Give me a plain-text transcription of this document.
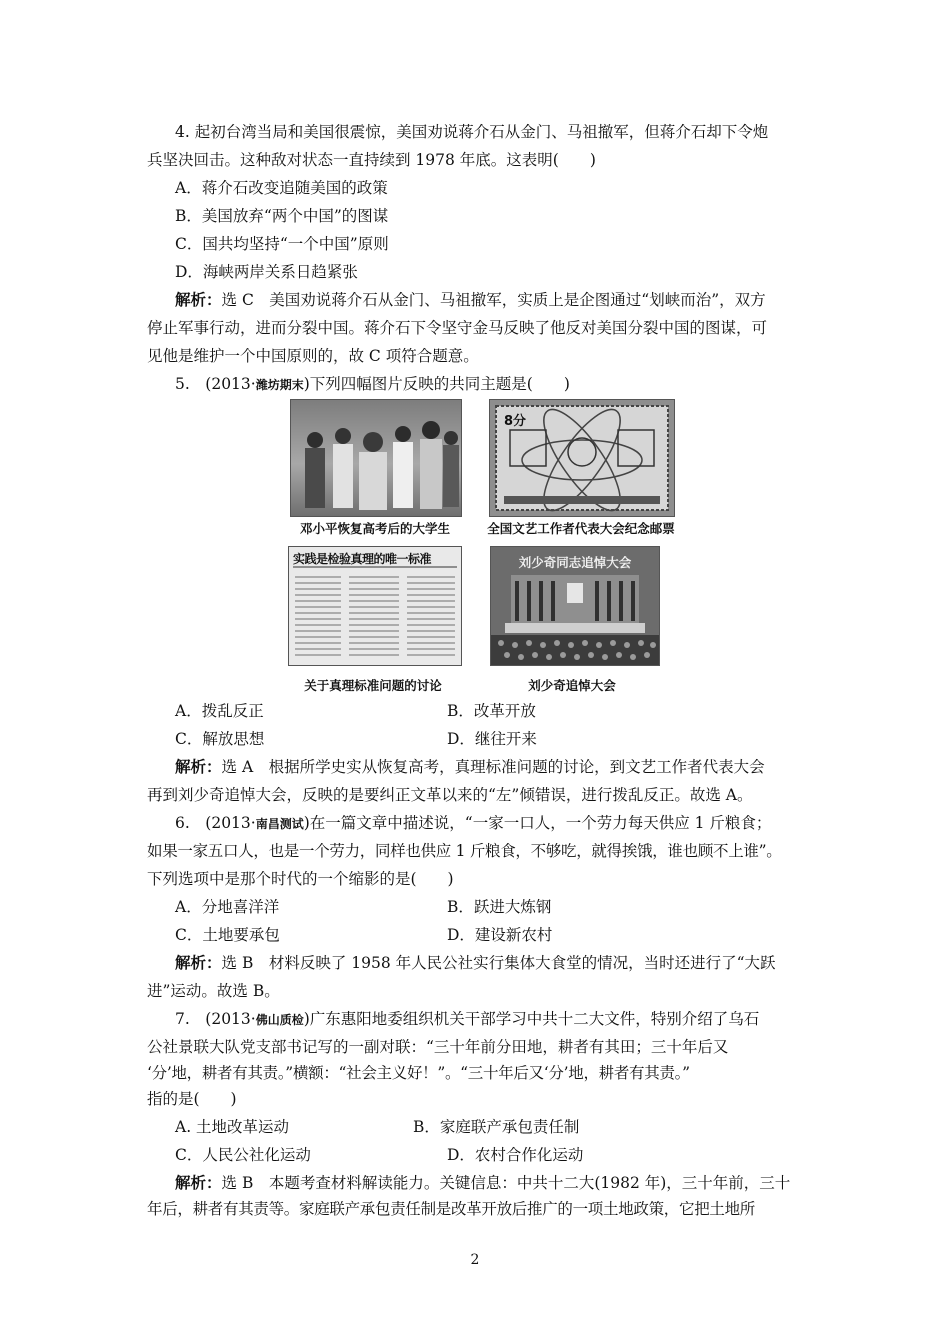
4. 起初台湾当局和美国很震惊，美国劝说蒋介石从金门、马祖撤军，但蒋介石却下令炮
兵坚决回击。这种敌对状态一直持续到 1978 年底。这表明(　　)
A．蒋介石改变追随美国的政策
B．美国放弃“两个中国”的图谋
C．国共均坚持“一个中国”原则
D．海峡两岸关系日趋紧张
解析：选 C　美国劝说蒋介石从金门、马祖撤军，实质上是企图通过“划峡而治”，双方
停止军事行动，进而分裂中国。蒋介石下令坚守金马反映了他反对美国分裂中国的图谋，可
见他是维护一个中国原则的，故 C 项符合题意。
5.　(2013·潍坊期末)下列四幅图片反映的共同主题是(　　)
8分
邓小平恢复高考后的大学生	全国文艺工作者代表大会纪念邮票
实践是检验真理的唯一标准	刘少奇同志追悼大会
关于真理标准问题的讨论	刘少奇追悼大会
A．拨乱反正	B．改革开放
C．解放思想	D．继往开来
解析：选 A　根据所学史实从恢复高考，真理标准问题的讨论，到文艺工作者代表大会
再到刘少奇追悼大会，反映的是要纠正文革以来的“左”倾错误，进行拨乱反正。故选 A。
6.　(2013·南昌测试)在一篇文章中描述说，“一家一口人，一个劳力每天供应 1 斤粮食；
如果一家五口人，也是一个劳力，同样也供应 1 斤粮食，不够吃，就得挨饿，谁也顾不上谁”。
下列选项中是那个时代的一个缩影的是(　　)
A．分地喜洋洋	B．跃进大炼钢
C．土地要承包	D．建设新农村
解析：选 B　材料反映了 1958 年人民公社实行集体大食堂的情况，当时还进行了“大跃
进”运动。故选 B。
7.　(2013·佛山质检)广东惠阳地委组织机关干部学习中共十二大文件，特别介绍了乌石
公社景联大队党支部书记写的一副对联：“三十年前分田地，耕者有其田；三十年后又
‘分’地，耕者有其责。”横额：“社会主义好！”。“三十年后又‘分’地，耕者有其责。”
指的是(　　)
A. 土地改革运动	B．家庭联产承包责任制
C．人民公社化运动	D．农村合作化运动
解析：选 B　本题考查材料解读能力。关键信息：中共十二大(1982 年)，三十年前，三十
年后，耕者有其责等。家庭联产承包责任制是改革开放后推广的一项土地政策，它把土地所
2
